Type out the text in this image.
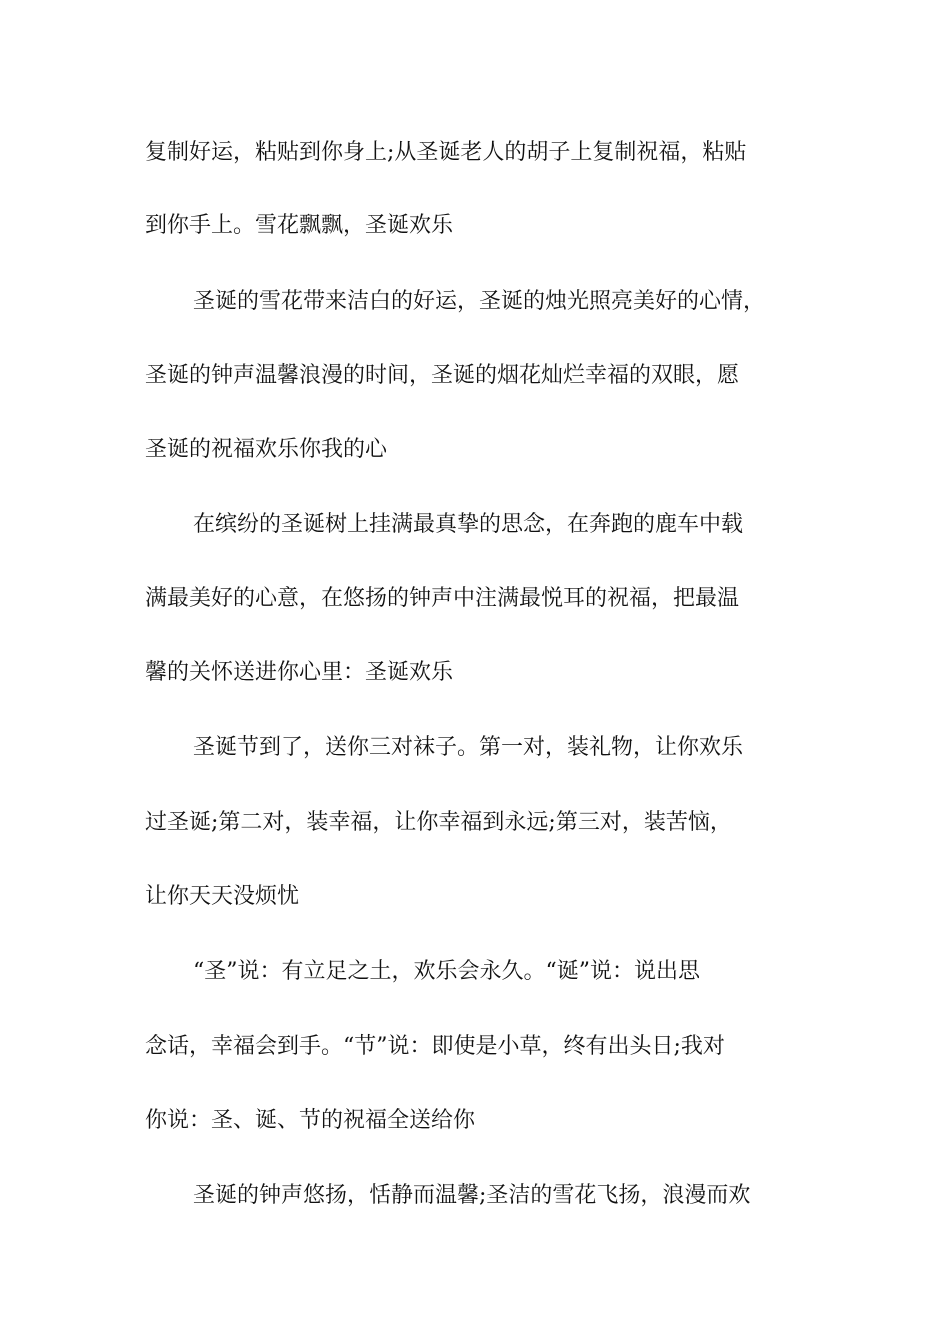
复制好运，粘贴到你身上;从圣诞老人的胡子上复制祝福，粘贴
到你手上。雪花飘飘，圣诞欢乐
圣诞的雪花带来洁白的好运，圣诞的烛光照亮美好的心情，
圣诞的钟声温馨浪漫的时间，圣诞的烟花灿烂幸福的双眼，愿
圣诞的祝福欢乐你我的心
在缤纷的圣诞树上挂满最真挚的思念，在奔跑的鹿车中载
满最美好的心意，在悠扬的钟声中注满最悦耳的祝福，把最温
馨的关怀送进你心里：圣诞欢乐
圣诞节到了，送你三对袜子。第一对，装礼物，让你欢乐
过圣诞;第二对，装幸福，让你幸福到永远;第三对，装苦恼，
让你天天没烦忧
“圣”说：有立足之土，欢乐会永久。“诞”说：说出思
念话，幸福会到手。“节”说：即使是小草，终有出头日;我对
你说：圣、诞、节的祝福全送给你
圣诞的钟声悠扬，恬静而温馨;圣洁的雪花飞扬，浪漫而欢
